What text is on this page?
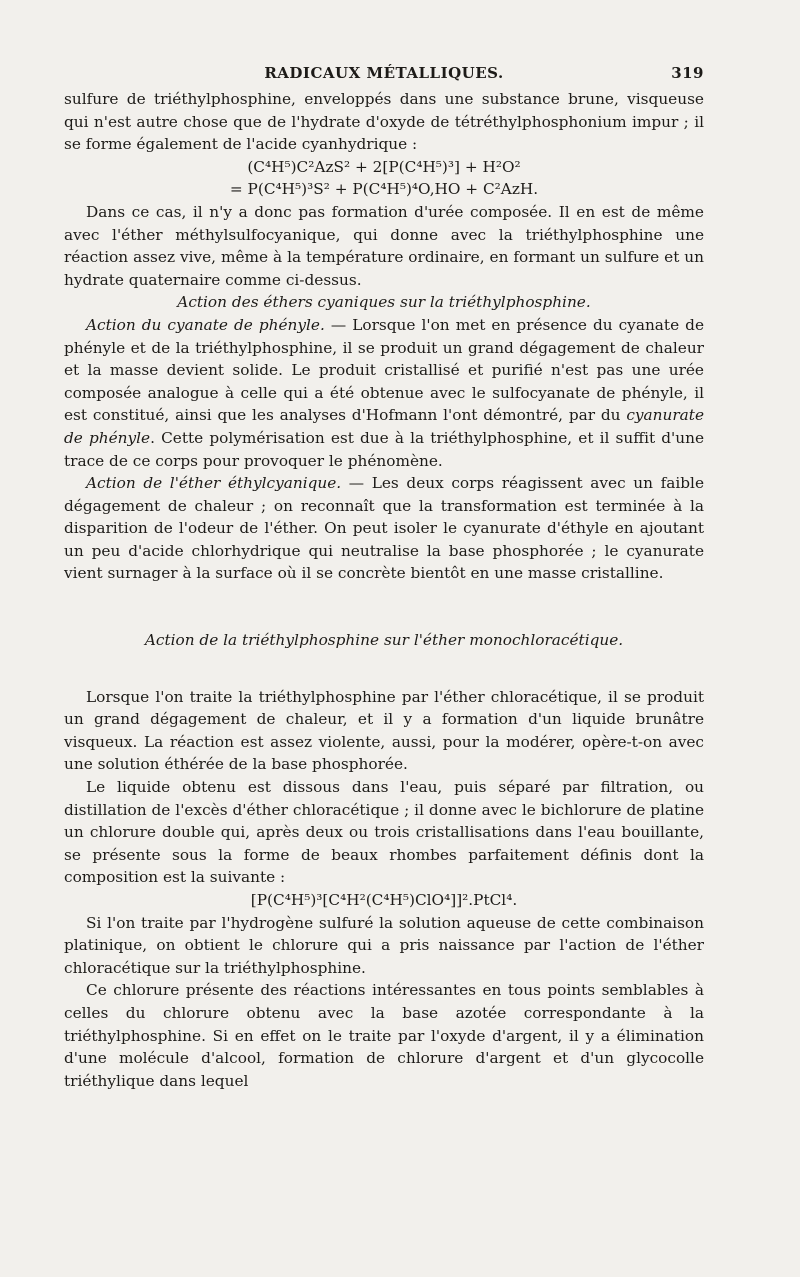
RADICAUX MÉTALLIQUES.	319

sulfure de triéthylphosphine, enveloppés dans une substance brune, visqueuse qui n'est autre chose que de l'hydrate d'oxyde de tétréthylphosphonium impur ; il se forme également de l'acide cyanhydrique :

(C⁴H⁵)C²AzS² + 2[P(C⁴H⁵)³] + H²O²

= P(C⁴H⁵)³S² + P(C⁴H⁵)⁴O,HO + C²AzH.

Dans ce cas, il n'y a donc pas formation d'urée composée. Il en est de même avec l'éther méthylsulfocyanique, qui donne avec la triéthylphosphine une réaction assez vive, même à la température ordinaire, en formant un sulfure et un hydrate quaternaire comme ci-dessus.

Action des éthers cyaniques sur la triéthylphosphine.

Action du cyanate de phényle. — Lorsque l'on met en présence du cyanate de phényle et de la triéthylphosphine, il se produit un grand dégagement de chaleur et la masse devient solide. Le produit cristallisé et purifié n'est pas une urée composée analogue à celle qui a été obtenue avec le sulfocyanate de phényle, il est constitué, ainsi que les analyses d'Hofmann l'ont démontré, par du cyanurate de phényle. Cette polymérisation est due à la triéthylphosphine, et il suffit d'une trace de ce corps pour provoquer le phénomène.

Action de l'éther éthylcyanique. — Les deux corps réagissent avec un faible dégagement de chaleur ; on reconnaît que la transformation est terminée à la disparition de l'odeur de l'éther. On peut isoler le cyanurate d'éthyle en ajoutant un peu d'acide chlorhydrique qui neutralise la base phosphorée ; le cyanurate vient surnager à la surface où il se concrète bientôt en une masse cristalline.

Action de la triéthylphosphine sur l'éther monochloracétique.

Lorsque l'on traite la triéthylphosphine par l'éther chloracétique, il se produit un grand dégagement de chaleur, et il y a formation d'un liquide brunâtre visqueux. La réaction est assez violente, aussi, pour la modérer, opère-t-on avec une solution éthérée de la base phosphorée.

Le liquide obtenu est dissous dans l'eau, puis séparé par filtration, ou distillation de l'excès d'éther chloracétique ; il donne avec le bichlorure de platine un chlorure double qui, après deux ou trois cristallisations dans l'eau bouillante, se présente sous la forme de beaux rhombes parfaitement définis dont la composition est la suivante :

[P(C⁴H⁵)³[C⁴H²(C⁴H⁵)ClO⁴]]².PtCl⁴.

Si l'on traite par l'hydrogène sulfuré la solution aqueuse de cette combinaison platinique, on obtient le chlorure qui a pris naissance par l'action de l'éther chloracétique sur la triéthylphosphine.

Ce chlorure présente des réactions intéressantes en tous points semblables à celles du chlorure obtenu avec la base azotée correspondante à la triéthylphosphine. Si en effet on le traite par l'oxyde d'argent, il y a élimination d'une molécule d'alcool, formation de chlorure d'argent et d'un glycocolle triéthylique dans lequel
